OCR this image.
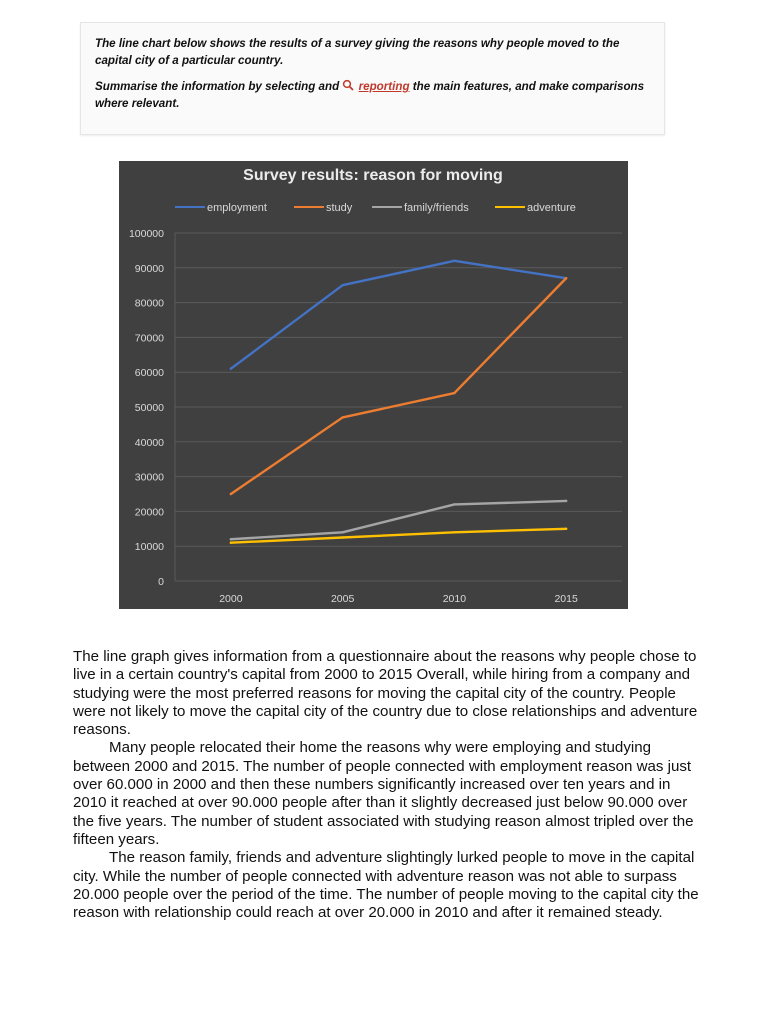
The line chart below shows the results of a survey giving the reasons why people moved to the capital city of a particular country.

Summarise the information by selecting and reporting the main features, and make comparisons where relevant.

Survey results: reason for moving
employment	study	family/friends	adventure
0
10000
20000
30000
40000
50000
60000
70000
80000
90000
100000
2000	2005	2010	2015

The line graph gives information from a questionnaire about the reasons why people chose to live in a certain country's capital from 2000 to 2015 Overall, while hiring from a company and studying were the most preferred reasons for moving the capital city of the country. People were not likely to move the capital city of the country due to close relationships and adventure reasons.

Many people relocated their home the reasons why were employing and studying between 2000 and 2015. The number of people connected with employment reason was just over 60.000 in 2000 and then these numbers significantly increased over ten years and in 2010 it reached at over 90.000 people after than it slightly decreased just below 90.000 over the five years. The number of student associated with studying reason almost tripled over the fifteen years.

The reason family, friends and adventure slightingly lurked people to move in the capital city. While the number of people connected with adventure reason was not able to surpass 20.000 people over the period of the time. The number of people moving to the capital city the reason with relationship could reach at over 20.000 in 2010 and after it remained steady.
